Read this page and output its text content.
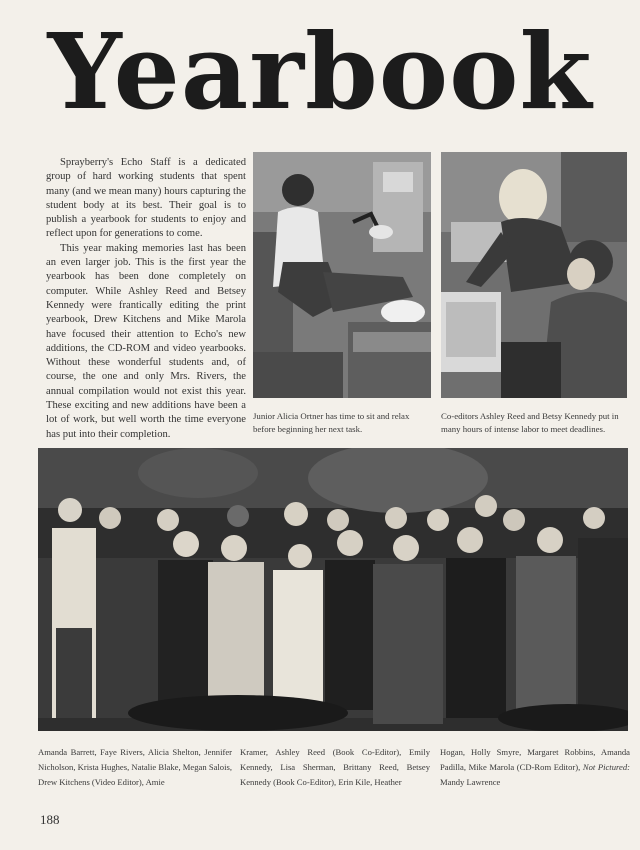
Yearbook

Sprayberry's Echo Staff is a dedicated group of hard working students that spent many (and we mean many) hours capturing the student body at its best. Their goal is to publish a yearbook for students to enjoy and reflect upon for generations to come.

This year making memories last has been an even larger job. This is the first year the yearbook has been done completely on computer. While Ashley Reed and Betsey Kennedy were frantically editing the print yearbook, Drew Kitchens and Mike Marola have focused their attention to Echo's new additions, the CD-ROM and video yearbooks. Without these wonderful students and, of course, the one and only Mrs. Rivers, the annual compilation would not exist this year. These exciting and new additions have been a lot of work, but well worth the time everyone has put into their completion.

Junior Alicia Ortner has time to sit and relax before beginning her next task.
Co-editors Ashley Reed and Betsy Kennedy put in many hours of intense labor to meet deadlines.
Amanda Barrett, Faye Rivers, Alicia Shelton, Jennifer Nicholson, Krista Hughes, Natalie Blake, Megan Salois, Drew Kitchens (Video Editor), Amie
Kramer, Ashley Reed (Book Co-Editor), Emily Kennedy, Lisa Sherman, Brittany Reed, Betsey Kennedy (Book Co-Editor), Erin Kile, Heather
Hogan, Holly Smyre, Margaret Robbins, Amanda Padilla, Mike Marola (CD-Rom Editor), Not Pictured: Mandy Lawrence
188
